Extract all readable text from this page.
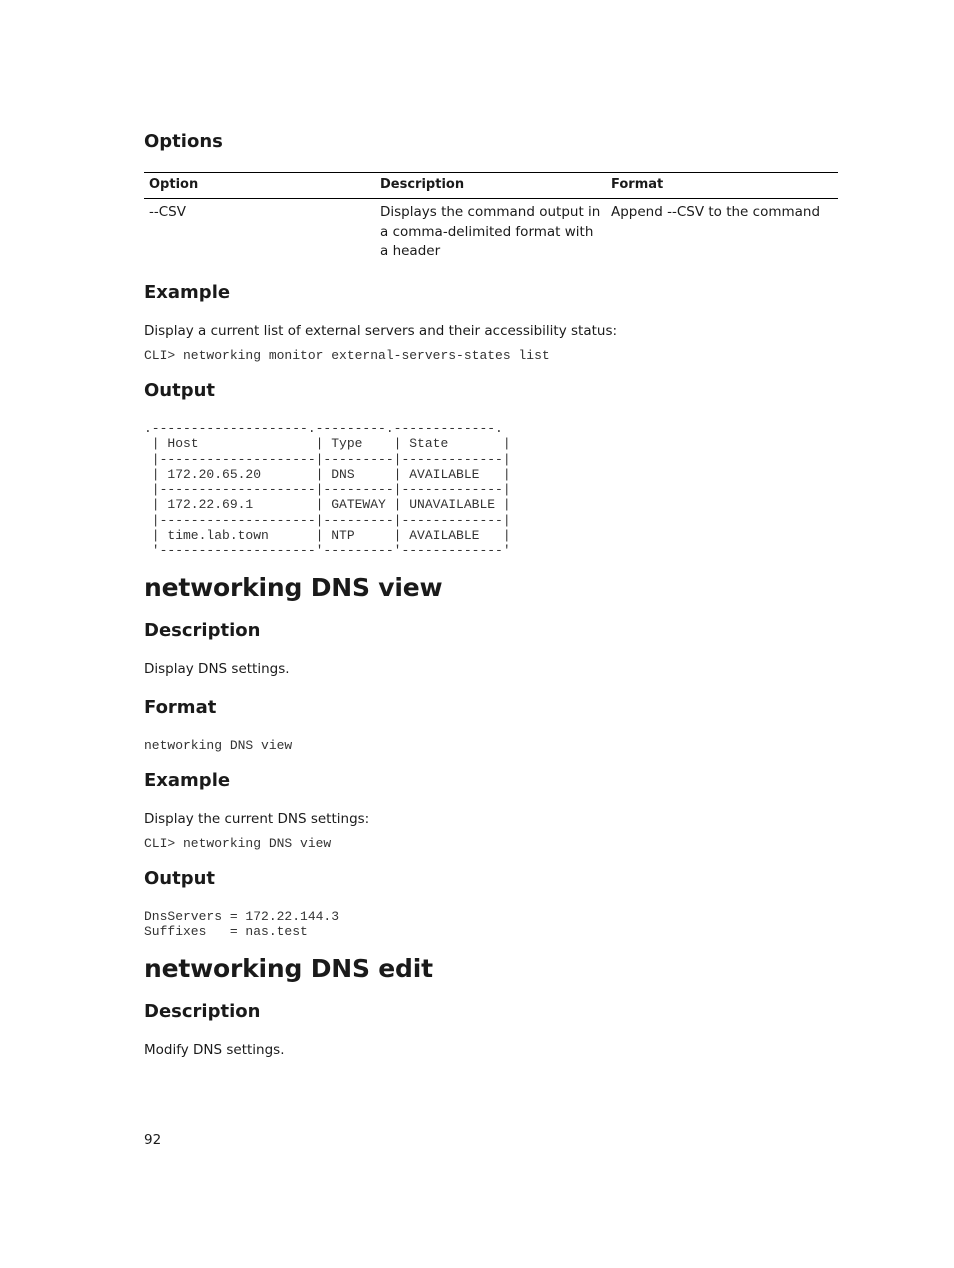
Options
Option	Description	Format
--CSV	Displays the command output in a comma-delimited format with a header	Append --CSV to the command
Example

Display a current list of external servers and their accessibility status:

CLI> networking monitor external-servers-states list
Output
.--------------------.---------.-------------.
| Host               | Type    | State       |
|--------------------|---------|-------------|
| 172.20.65.20       | DNS     | AVAILABLE   |
|--------------------|---------|-------------|
| 172.22.69.1        | GATEWAY | UNAVAILABLE |
|--------------------|---------|-------------|
| time.lab.town      | NTP     | AVAILABLE   |
'--------------------'---------'-------------'
networking DNS view
Description

Display DNS settings.

Format
networking DNS view
Example

Display the current DNS settings:

CLI> networking DNS view
Output
DnsServers = 172.22.144.3
Suffixes   = nas.test
networking DNS edit
Description

Modify DNS settings.

92
